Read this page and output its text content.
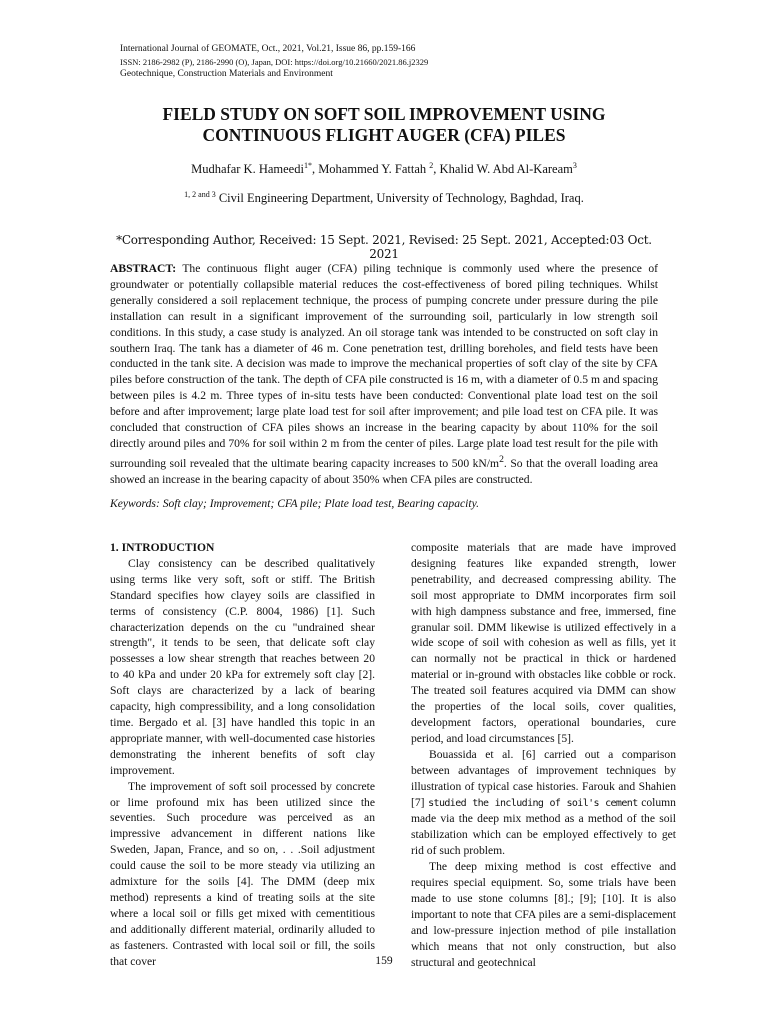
International Journal of GEOMATE, Oct., 2021, Vol.21, Issue 86, pp.159-166
ISSN: 2186-2982 (P), 2186-2990 (O), Japan, DOI: https://doi.org/10.21660/2021.86.j2329
Geotechnique, Construction Materials and Environment
FIELD STUDY ON SOFT SOIL IMPROVEMENT USING
CONTINUOUS FLIGHT AUGER (CFA) PILES
Mudhafar K. Hameedi$^{1*}$, Mohammed Y. Fattah $^2$, Khalid W. Abd Al-Kaream$^3$
$^{1, 2 and 3}$ Civil Engineering Department, University of Technology, Baghdad, Iraq.
*Corresponding Author, Received: 15 Sept. 2021, Revised: 25 Sept. 2021, Accepted:03 Oct. 2021
ABSTRACT: The continuous flight auger (CFA) piling technique is commonly used where the presence of groundwater or potentially collapsible material reduces the cost-effectiveness of bored piling techniques. Whilst generally considered a soil replacement technique, the process of pumping concrete under pressure during the pile installation can result in a significant improvement of the surrounding soil, particularly in low strength soil conditions. In this study, a case study is analyzed. An oil storage tank was intended to be constructed on soft clay in southern Iraq. The tank has a diameter of 46 m. Cone penetration test, drilling boreholes, and field tests have been conducted in the tank site. A decision was made to improve the mechanical properties of soft clay of the site by CFA piles before construction of the tank. The depth of CFA pile constructed is 16 m, with a diameter of 0.5 m and spacing between piles is 4.2 m. Three types of in-situ tests have been conducted: Conventional plate load test on the soil before and after improvement; large plate load test for soil after improvement; and pile load test on CFA pile. It was concluded that construction of CFA piles shows an increase in the bearing capacity by about 110% for the soil directly around piles and 70% for soil within 2 m from the center of piles. Large plate load test result for the pile with surrounding soil revealed that the ultimate bearing capacity increases to 500 $kN/m^2$. So that the overall loading area showed an increase in the bearing capacity of about 350% when CFA piles are constructed.
Keywords: Soft clay; Improvement; CFA pile; Plate load test, Bearing capacity.

1. INTRODUCTION

Clay consistency can be described qualitatively using terms like very soft, soft or stiff. The British Standard specifies how clayey soils are classified in terms of consistency (C.P. 8004, 1986) [1]. Such characterization depends on the cu "undrained shear strength", it tends to be seen, that delicate soft clay possesses a low shear strength that reaches between 20 to 40 kPa and under 20 kPa for extremely soft clay [2]. Soft clays are characterized by a lack of bearing capacity, high compressibility, and a long consolidation time. Bergado et al. [3] have handled this topic in an appropriate manner, with well-documented case histories demonstrating the inherent benefits of soft clay improvement.

The improvement of soft soil processed by concrete or lime profound mix has been utilized since the seventies. Such procedure was perceived as an impressive advancement in different nations like Sweden, Japan, France, and so on, . . .Soil adjustment could cause the soil to be more steady via utilizing an admixture for the soils [4]. The DMM (deep mix method) represents a kind of treating soils at the site where a local soil or fills get mixed with cementitious and additionally different material, ordinarily alluded to as fasteners. Contrasted with local soil or fill, the soils that cover

composite materials that are made have improved designing features like expanded strength, lower penetrability, and decreased compressing ability. The soil most appropriate to DMM incorporates firm soil with high dampness substance and free, immersed, fine granular soil. DMM likewise is utilized effectively in a wide scope of soil with cohesion as well as fills, yet it can normally not be practical in thick or hardened material or in-ground with obstacles like cobble or rock. The treated soil features acquired via DMM can show the properties of the local soils, cover qualities, development factors, operational boundaries, cure period, and load circumstances [5].

Bouassida et al. [6] carried out a comparison between advantages of improvement techniques by illustration of typical case histories. Farouk and Shahien [7] studied the including of soil's cement column made via the deep mix method as a method of the soil stabilization which can be employed effectively to get rid of such problem.

The deep mixing method is cost effective and requires special equipment. So, some trials have been made to use stone columns [8].; [9]; [10]. It is also important to note that CFA piles are a semi-displacement and low-pressure injection method of pile installation which means that not only construction, but also structural and geotechnical

159
